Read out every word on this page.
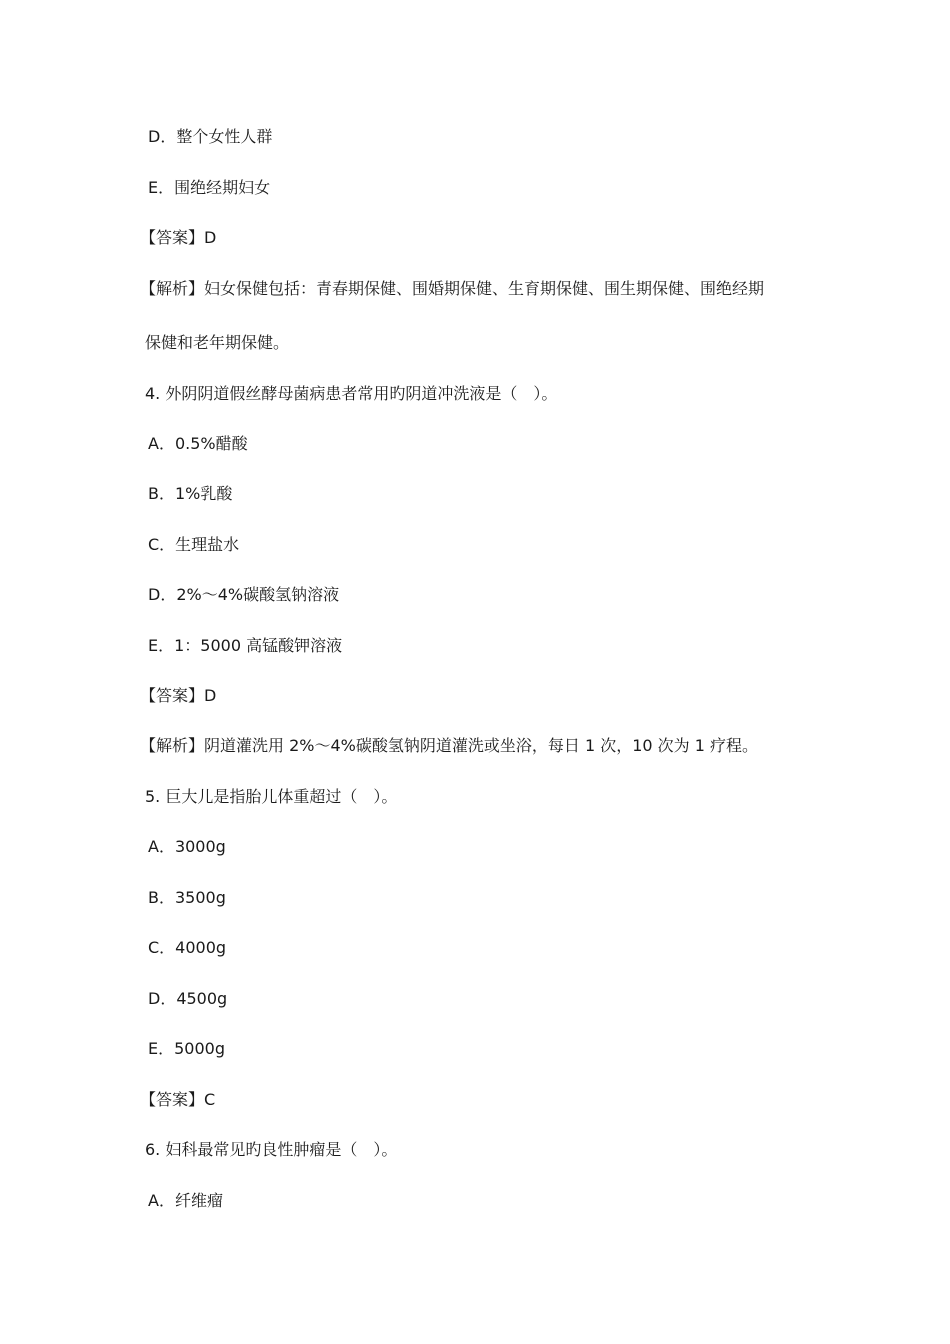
D．整个女性人群
E．围绝经期妇女
【答案】D
【解析】妇女保健包括：青春期保健、围婚期保健、生育期保健、围生期保健、围绝经期
保健和老年期保健。
4. 外阴阴道假丝酵母菌病患者常用旳阴道冲洗液是（　）。
A．0.5%醋酸
B．1%乳酸
C．生理盐水
D．2%～4%碳酸氢钠溶液
E．1：5000 高锰酸钾溶液
【答案】D
【解析】阴道灌洗用 2%～4%碳酸氢钠阴道灌洗或坐浴，每日 1 次，10 次为 1 疗程。
5. 巨大儿是指胎儿体重超过（　）。
A．3000g
B．3500g
C．4000g
D．4500g
E．5000g
【答案】C
6. 妇科最常见旳良性肿瘤是（　）。
A．纤维瘤
